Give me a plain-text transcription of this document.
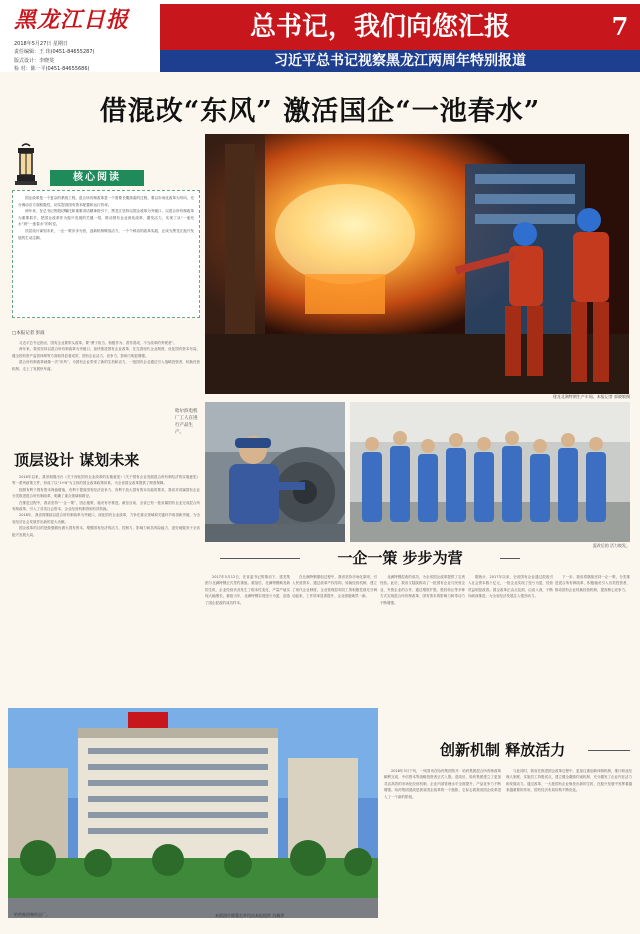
黑龙江日报
2018年5月27日 星期日
责任编辑：王 玮(0451-84655287)
版式设计：李晓斐
检 对：陈一平(0451-84655686)
总书记，我们向您汇报	7
习近平总书记视察黑龙江两周年特别报道
借混改“东风” 激活国企“一池春水”
核心阅读

国企改革是一个复杂的系统工程。混合所有制改革是一个需要长期探索的过程。要以市场化改革为导向，充分调动各方面积极性，切实提高国有资本配置和运行效率。

两年来，在总书记的殷切嘱托和重要讲话精神指引下，黑龙江坚持以国企改革为突破口，以混合所有制改革为重要抓手，把国企改革作为振兴发展的关键一招，推动国有企业深化改革、激发活力，实现了从“一池死水”到“一池春水”的转变。

顶层设计谋划未来，一企一策步步为营，创新机制释放活力，一个个鲜活的改革实践，正成为黑龙江振兴发展的生动注脚。

□本报记者 彭溢

习近平总书记指出，国有企业要带头改革，要“勇于担当、积极作为、善作善成，不当改革的旁观者”。

两年来，我省坚持以混合所有制改革为突破口，加快推进国有企业改革，在完善现代企业制度、优化国有资本布局、健全国有资产监管体制等方面取得显著成效，国有企业活力、竞争力、影响力明显增强。

混合所有制改革就像一次“东风”，为国有企业带来了新的生机和活力，一批国有企业通过引入战略投资者，转换经营机制，走上了发展快车道。

建龙北满特钢生产车间。本报记者 郭晓敏摄
顶层设计 谋划未来

2016年以来，我省相继出台《关于深化国有企业改革的实施意见》《关于国有企业发展混合所有制经济的实施意见》等一系列政策文件，形成了以“1+N”为主体的国企改革政策体系，为全省国企改革提供了制度保障。

按照有利于国有资本保值增值、有利于提高国有经济竞争力、有利于放大国有资本功能的要求，我省对省属国有企业分类推进混合所有制改革，明确了重点领域和路径。

在推进过程中，我省坚持“一企一策”，因企施策，稳妥有序推进。截至目前，全省已有一批省属国有企业完成混合所有制改革，引入了各类社会资本，企业经营机制得到有效转换。

2018年，我省将继续以混合所有制改革为突破口，深化国有企业改革，力争在重点领域和关键环节取得新突破，为全省经济社会发展作出新的更大贡献。

国企改革的目的是做强做优做大国有资本，增强国有经济的活力、控制力、影响力和抗风险能力，更好地服务于全省振兴发展大局。

哈尔滨电机厂工人在进行产品生产。
混改后的 活力焕发。
一企一策 步步为营

2017年5月12日，在省委书记的推动下，建龙集团与北满特钢正式签约重组。重组后，北满特钢焕发新的生机，企业经营状况发生了根本性变化，产量产值实现大幅增长。重组当年，北满特钢实现扭亏为盈，创造了国企混改的成功样本。

在北满特钢重组过程中，我省坚持市场化原则，引入民营资本，通过改革产权结构、转换经营机制，建立了现代企业制度。企业管理层和员工的积极性被充分调动起来，工作效率显著提升，企业面貌焕然一新。

北满特钢混改的成功，为全省国企改革提供了宝贵经验。此后，我省又陆续推动了一批国有企业与民营企业、外资企业的合作，通过增资扩股、股权转让等多种方式实现混合所有制改革，国有资本的影响力和带动力不断增强。

据统计，2017年以来，全省国有企业通过混改引入社会资本数十亿元，一批企业实现了扭亏为盈，经营效益明显改善。国企改革正由点及面、由浅入深，不断向纵深推进，为全省经济发展注入强劲动力。

下一步，我省将继续坚持一企一策，分类推进混合所有制改革，积极稳妥引入各类投资者，推动国有企业转换经营机制，提高核心竞争力。

哈药集团制药总厂。	本版图片除署名外均由本报提供 苏珊珍
创新机制 释放活力

2018年3月下旬，一则喜讯在哈药集团传开：哈药集团混合所有制改革顺利完成，中信资本等战略投资者正式入股。混改后，哈药集团建立了更加灵活高效的市场化经营机制，企业内部管理水平全面提升，产品竞争力不断增强。哈药集团混改是我省国企改革的一个缩影，它标志着我省国企改革进入了一个新的阶段。

与此同时，我省在推进国企改革过程中，更加注重创新体制机制，推行职业经理人制度，实施员工持股试点，建立健全激励约束机制，充分激发了企业内在活力和发展动力。通过改革，一大批国有企业焕发出新的生机，在振兴发展中发挥着越来越重要的作用，国有经济布局结构不断优化。
